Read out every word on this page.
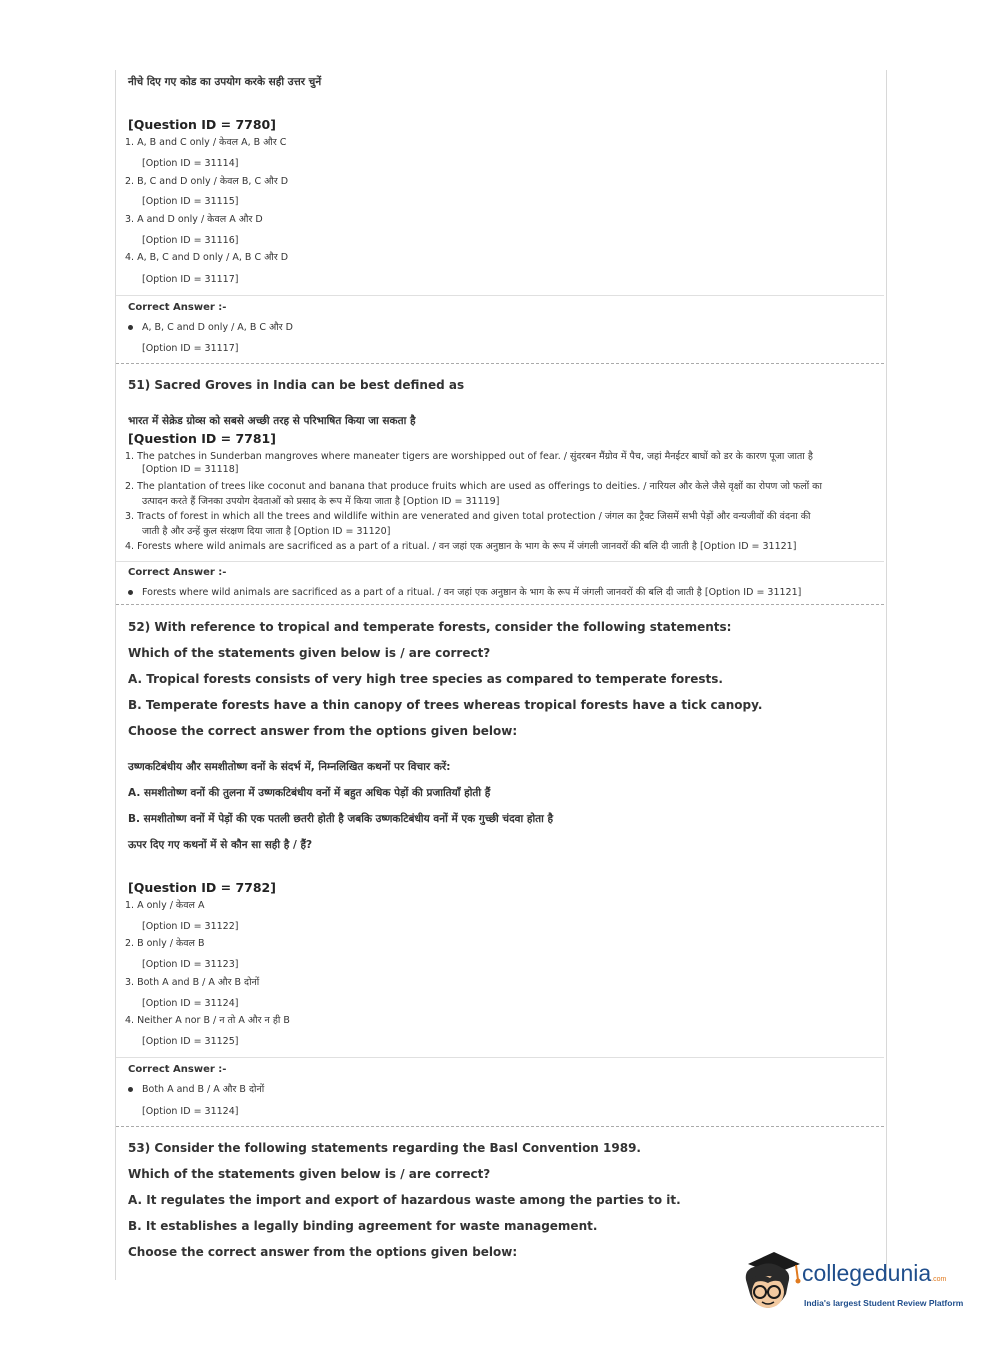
नीचे दिए गए कोड का उपयोग करके सही उत्तर चुनें
[Question ID = 7780]
1. A, B and C only / केवल A, B और C
[Option ID = 31114]
2. B, C and D only / केवल B, C और D
[Option ID = 31115]
3. A and D only / केवल A और D
[Option ID = 31116]
4. A, B, C and D only / A, B C और D
[Option ID = 31117]
Correct Answer :-
A, B, C and D only / A, B C और D
[Option ID = 31117]
51) Sacred Groves in India can be best defined as
भारत में सेक्रेड ग्रोव्स को सबसे अच्छी तरह से परिभाषित किया जा सकता है
[Question ID = 7781]
1. The patches in Sunderban mangroves where maneater tigers are worshipped out of fear. / सुंदरबन मैंग्रोव में पैच, जहां मैनईटर बाघों को डर के कारण पूजा जाता है
[Option ID = 31118]
2. The plantation of trees like coconut and banana that produce fruits which are used as offerings to deities. / नारियल और केले जैसे वृक्षों का रोपण जो फलों का
उत्पादन करते हैं जिनका उपयोग देवताओं को प्रसाद के रूप में किया जाता है [Option ID = 31119]
3. Tracts of forest in which all the trees and wildlife within are venerated and given total protection / जंगल का ट्रैक्ट जिसमें सभी पेड़ों और वन्यजीवों की वंदना की
जाती है और उन्हें कुल संरक्षण दिया जाता है [Option ID = 31120]
4. Forests where wild animals are sacrificed as a part of a ritual. / वन जहां एक अनुष्ठान के भाग के रूप में जंगली जानवरों की बलि दी जाती है [Option ID = 31121]
Correct Answer :-
Forests where wild animals are sacrificed as a part of a ritual. / वन जहां एक अनुष्ठान के भाग के रूप में जंगली जानवरों की बलि दी जाती है [Option ID = 31121]
52) With reference to tropical and temperate forests, consider the following statements:
Which of the statements given below is / are correct?
A. Tropical forests consists of very high tree species as compared to temperate forests.
B. Temperate forests have a thin canopy of trees whereas tropical forests have a tick canopy.
Choose the correct answer from the options given below:
उष्णकटिबंधीय और समशीतोष्ण वनों के संदर्भ में, निम्नलिखित कथनों पर विचार करें:
A. समशीतोष्ण वनों की तुलना में उष्णकटिबंधीय वनों में बहुत अधिक पेड़ों की प्रजातियाँ होती हैं
B. समशीतोष्ण वनों में पेड़ों की एक पतली छतरी होती है जबकि उष्णकटिबंधीय वनों में एक गुच्छी चंदवा होता है
ऊपर दिए गए कथनों में से कौन सा सही है / हैं?
[Question ID = 7782]
1. A only / केवल A
[Option ID = 31122]
2. B only / केवल B
[Option ID = 31123]
3. Both A and B / A और B दोनों
[Option ID = 31124]
4. Neither A nor B / न तो A और न ही B
[Option ID = 31125]
Correct Answer :-
Both A and B / A और B दोनों
[Option ID = 31124]
53) Consider the following statements regarding the Basl Convention 1989.
Which of the statements given below is / are correct?
A. It regulates the import and export of hazardous waste among the parties to it.
B. It establishes a legally binding agreement for waste management.
Choose the correct answer from the options given below:
collegedunia.com
India's largest Student Review Platform
